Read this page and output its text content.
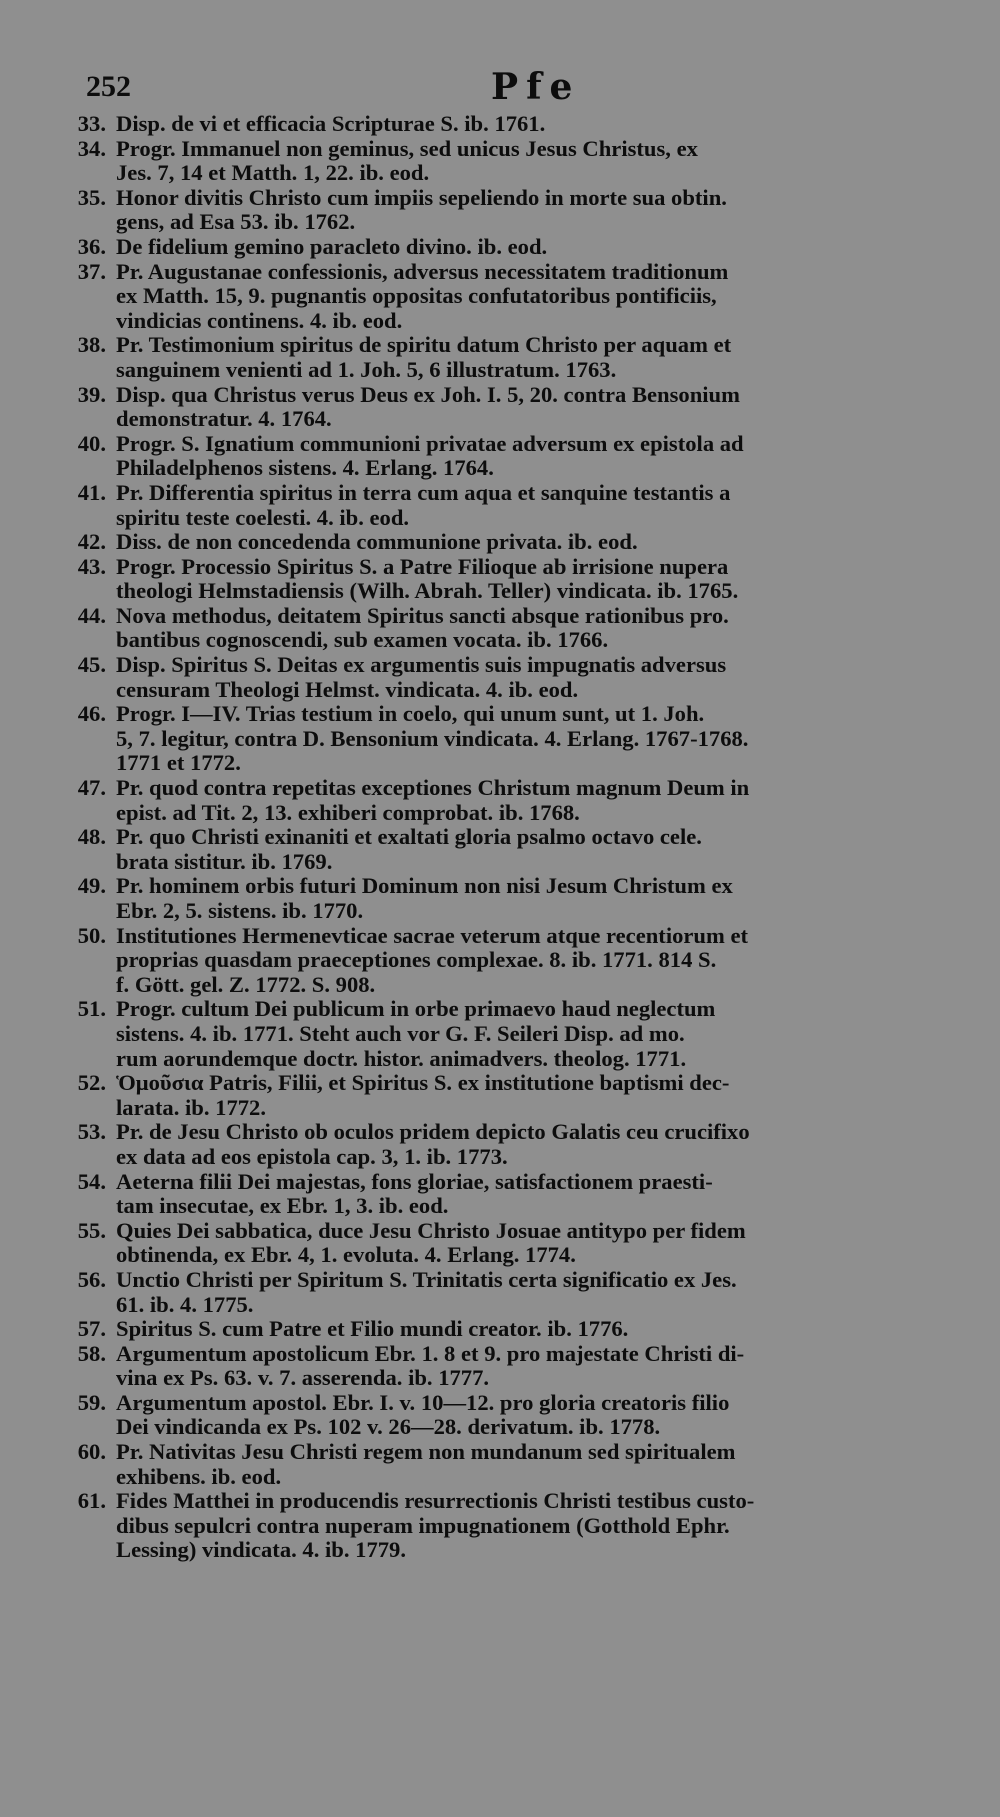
252	Pfe
33. Disp. de vi et efficacia Scripturae S. ib. 1761.
34. Progr. Immanuel non geminus, sed unicus Jesus Christus, ex
Jes. 7, 14 et Matth. 1, 22. ib. eod.
35. Honor divitis Christo cum impiis sepeliendo in morte sua obtin.
gens, ad Esa 53. ib. 1762.
36. De fidelium gemino paracleto divino. ib. eod.
37. Pr. Augustanae confessionis, adversus necessitatem traditionum
ex Matth. 15, 9. pugnantis oppositas confutatoribus pontificiis,
vindicias continens. 4. ib. eod.
38. Pr. Testimonium spiritus de spiritu datum Christo per aquam et
sanguinem venienti ad 1. Joh. 5, 6 illustratum. 1763.
39. Disp. qua Christus verus Deus ex Joh. I. 5, 20. contra Bensonium
demonstratur. 4. 1764.
40. Progr. S. Ignatium communioni privatae adversum ex epistola ad
Philadelphenos sistens. 4. Erlang. 1764.
41. Pr. Differentia spiritus in terra cum aqua et sanquine testantis a
spiritu teste coelesti. 4. ib. eod.
42. Diss. de non concedenda communione privata. ib. eod.
43. Progr. Processio Spiritus S. a Patre Filioque ab irrisione nupera
theologi Helmstadiensis (Wilh. Abrah. Teller) vindicata. ib. 1765.
44. Nova methodus, deitatem Spiritus sancti absque rationibus pro.
bantibus cognoscendi, sub examen vocata. ib. 1766.
45. Disp. Spiritus S. Deitas ex argumentis suis impugnatis adversus
censuram Theologi Helmst. vindicata. 4. ib. eod.
46. Progr. I—IV. Trias testium in coelo, qui unum sunt, ut 1. Joh.
5, 7. legitur, contra D. Bensonium vindicata. 4. Erlang. 1767-1768.
1771 et 1772.
47. Pr. quod contra repetitas exceptiones Christum magnum Deum in
epist. ad Tit. 2, 13. exhiberi comprobat. ib. 1768.
48. Pr. quo Christi exinaniti et exaltati gloria psalmo octavo cele.
brata sistitur. ib. 1769.
49. Pr. hominem orbis futuri Dominum non nisi Jesum Christum ex
Ebr. 2, 5. sistens. ib. 1770.
50. Institutiones Hermenevticae sacrae veterum atque recentiorum et
proprias quasdam praeceptiones complexae. 8. ib. 1771. 814 S.
f. Gött. gel. Z. 1772. S. 908.
51. Progr. cultum Dei publicum in orbe primaevo haud neglectum
sistens. 4. ib. 1771. Steht auch vor G. F. Seileri Disp. ad mo.
rum aorundemque doctr. histor. animadvers. theolog. 1771.
52. Ὁμοῦσια Patris, Filii, et Spiritus S. ex institutione baptismi dec-
larata. ib. 1772.
53. Pr. de Jesu Christo ob oculos pridem depicto Galatis ceu crucifixo
ex data ad eos epistola cap. 3, 1. ib. 1773.
54. Aeterna filii Dei majestas, fons gloriae, satisfactionem praesti-
tam insecutae, ex Ebr. 1, 3. ib. eod.
55. Quies Dei sabbatica, duce Jesu Christo Josuae antitypo per fidem
obtinenda, ex Ebr. 4, 1. evoluta. 4. Erlang. 1774.
56. Unctio Christi per Spiritum S. Trinitatis certa significatio ex Jes.
61. ib. 4. 1775.
57. Spiritus S. cum Patre et Filio mundi creator. ib. 1776.
58. Argumentum apostolicum Ebr. 1. 8 et 9. pro majestate Christi di-
vina ex Ps. 63. v. 7. asserenda. ib. 1777.
59. Argumentum apostol. Ebr. I. v. 10—12. pro gloria creatoris filio
Dei vindicanda ex Ps. 102 v. 26—28. derivatum. ib. 1778.
60. Pr. Nativitas Jesu Christi regem non mundanum sed spiritualem
exhibens. ib. eod.
61. Fides Matthei in producendis resurrectionis Christi testibus custo-
dibus sepulcri contra nuperam impugnationem (Gotthold Ephr.
Lessing) vindicata. 4. ib. 1779.
